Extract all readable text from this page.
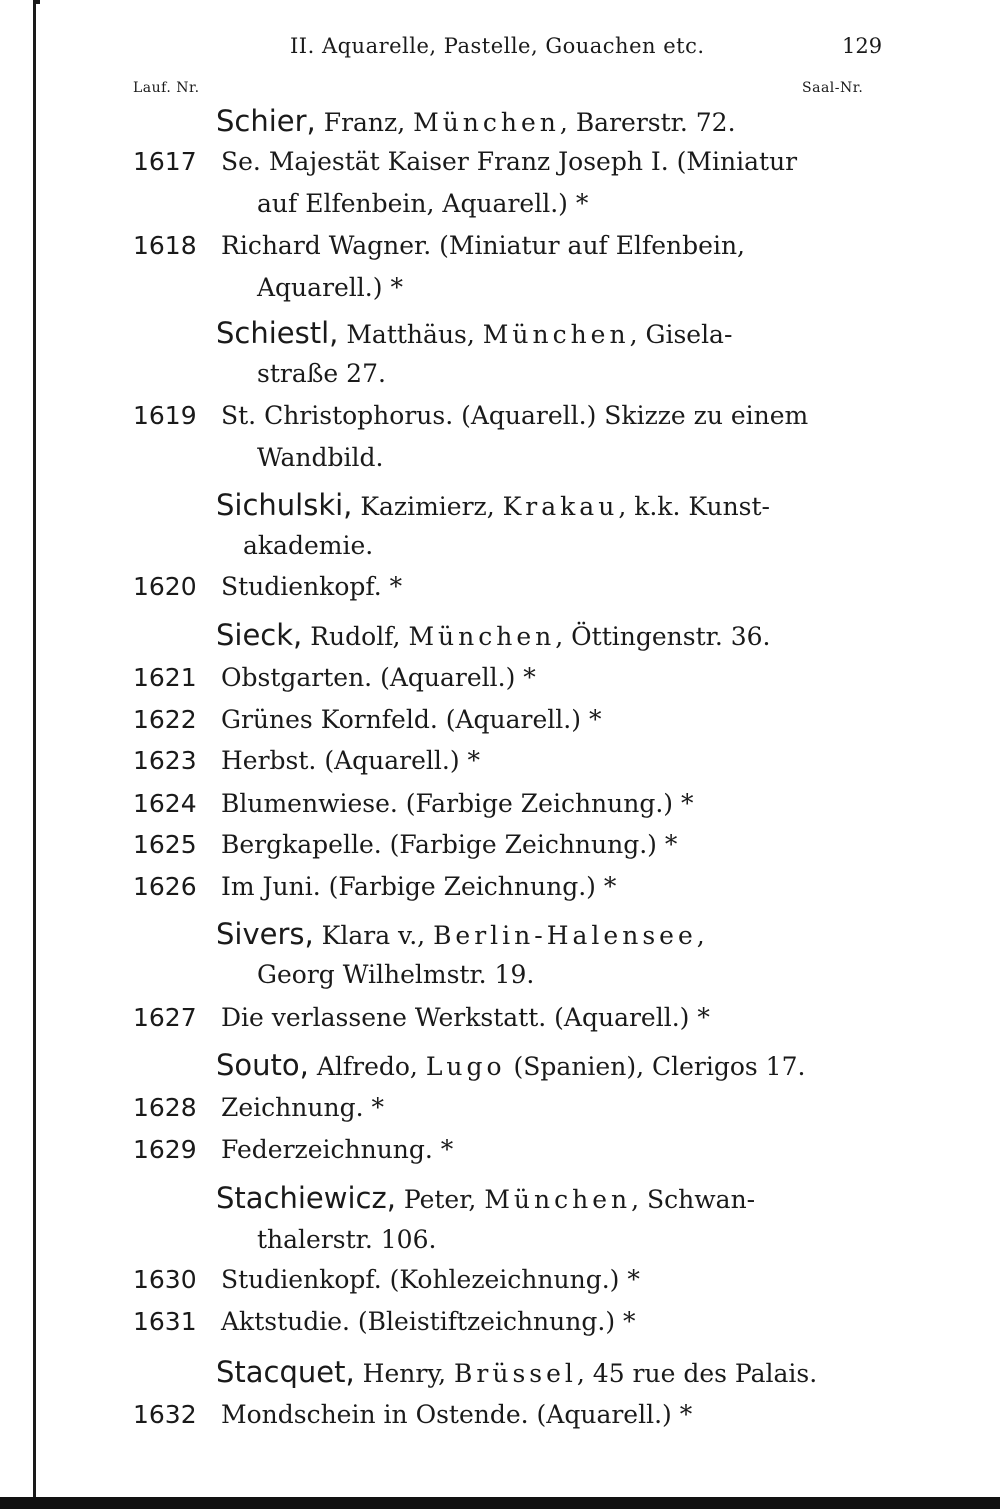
II. Aquarelle, Pastelle, Gouachen etc.	129
Lauf. Nr.	Saal-Nr.
Schier, Franz, München, Barerstr. 72.
1617 Se. Majestät Kaiser Franz Joseph I. (Miniatur
auf Elfenbein, Aquarell.) *
1618 Richard Wagner. (Miniatur auf Elfenbein,
Aquarell.) *
Schiestl, Matthäus, München, Gisela-
straße 27.
1619 St. Christophorus. (Aquarell.) Skizze zu einem
Wandbild.
Sichulski, Kazimierz, Krakau, k.k. Kunst-
akademie.
1620 Studienkopf. *
Sieck, Rudolf, München, Öttingenstr. 36.
1621 Obstgarten. (Aquarell.) *
1622 Grünes Kornfeld. (Aquarell.) *
1623 Herbst. (Aquarell.) *
1624 Blumenwiese. (Farbige Zeichnung.) *
1625 Bergkapelle. (Farbige Zeichnung.) *
1626 Im Juni. (Farbige Zeichnung.) *
Sivers, Klara v., Berlin-Halensee,
Georg Wilhelmstr. 19.
1627 Die verlassene Werkstatt. (Aquarell.) *
Souto, Alfredo, Lugo (Spanien), Clerigos 17.
1628 Zeichnung. *
1629 Federzeichnung. *
Stachiewicz, Peter, München, Schwan-
thalerstr. 106.
1630 Studienkopf. (Kohlezeichnung.) *
1631 Aktstudie. (Bleistiftzeichnung.) *
Stacquet, Henry, Brüssel, 45 rue des Palais.
1632 Mondschein in Ostende. (Aquarell.) *
